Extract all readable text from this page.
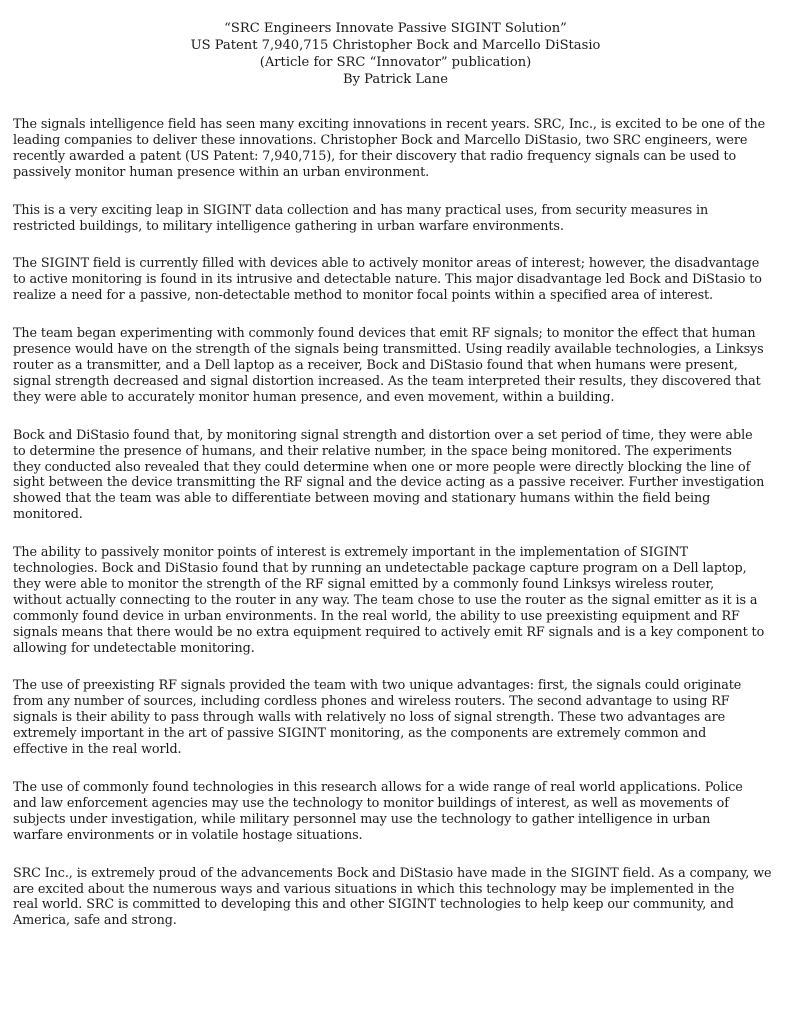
“SRC Engineers Innovate Passive SIGINT Solution”
US Patent 7,940,715 Christopher Bock and Marcello DiStasio
(Article for SRC “Innovator” publication)
By Patrick Lane
The signals intelligence field has seen many exciting innovations in recent years. SRC, Inc., is excited to be one of the
leading companies to deliver these innovations. Christopher Bock and Marcello DiStasio, two SRC engineers, were
recently awarded a patent (US Patent: 7,940,715), for their discovery that radio frequency signals can be used to
passively monitor human presence within an urban environment.
This is a very exciting leap in SIGINT data collection and has many practical uses, from security measures in
restricted buildings, to military intelligence gathering in urban warfare environments.
The SIGINT field is currently filled with devices able to actively monitor areas of interest; however, the disadvantage
to active monitoring is found in its intrusive and detectable nature. This major disadvantage led Bock and DiStasio to
realize a need for a passive, non-detectable method to monitor focal points within a specified area of interest.
The team began experimenting with commonly found devices that emit RF signals; to monitor the effect that human
presence would have on the strength of the signals being transmitted. Using readily available technologies, a Linksys
router as a transmitter, and a Dell laptop as a receiver, Bock and DiStasio found that when humans were present,
signal strength decreased and signal distortion increased. As the team interpreted their results, they discovered that
they were able to accurately monitor human presence, and even movement, within a building.
Bock and DiStasio found that, by monitoring signal strength and distortion over a set period of time, they were able
to determine the presence of humans, and their relative number, in the space being monitored. The experiments
they conducted also revealed that they could determine when one or more people were directly blocking the line of
sight between the device transmitting the RF signal and the device acting as a passive receiver. Further investigation
showed that the team was able to differentiate between moving and stationary humans within the field being
monitored.
The ability to passively monitor points of interest is extremely important in the implementation of SIGINT
technologies. Bock and DiStasio found that by running an undetectable package capture program on a Dell laptop,
they were able to monitor the strength of the RF signal emitted by a commonly found Linksys wireless router,
without actually connecting to the router in any way. The team chose to use the router as the signal emitter as it is a
commonly found device in urban environments. In the real world, the ability to use preexisting equipment and RF
signals means that there would be no extra equipment required to actively emit RF signals and is a key component to
allowing for undetectable monitoring.
The use of preexisting RF signals provided the team with two unique advantages: first, the signals could originate
from any number of sources, including cordless phones and wireless routers. The second advantage to using RF
signals is their ability to pass through walls with relatively no loss of signal strength. These two advantages are
extremely important in the art of passive SIGINT monitoring, as the components are extremely common and
effective in the real world.
The use of commonly found technologies in this research allows for a wide range of real world applications. Police
and law enforcement agencies may use the technology to monitor buildings of interest, as well as movements of
subjects under investigation, while military personnel may use the technology to gather intelligence in urban
warfare environments or in volatile hostage situations.
SRC Inc., is extremely proud of the advancements Bock and DiStasio have made in the SIGINT field. As a company, we
are excited about the numerous ways and various situations in which this technology may be implemented in the
real world. SRC is committed to developing this and other SIGINT technologies to help keep our community, and
America, safe and strong.
